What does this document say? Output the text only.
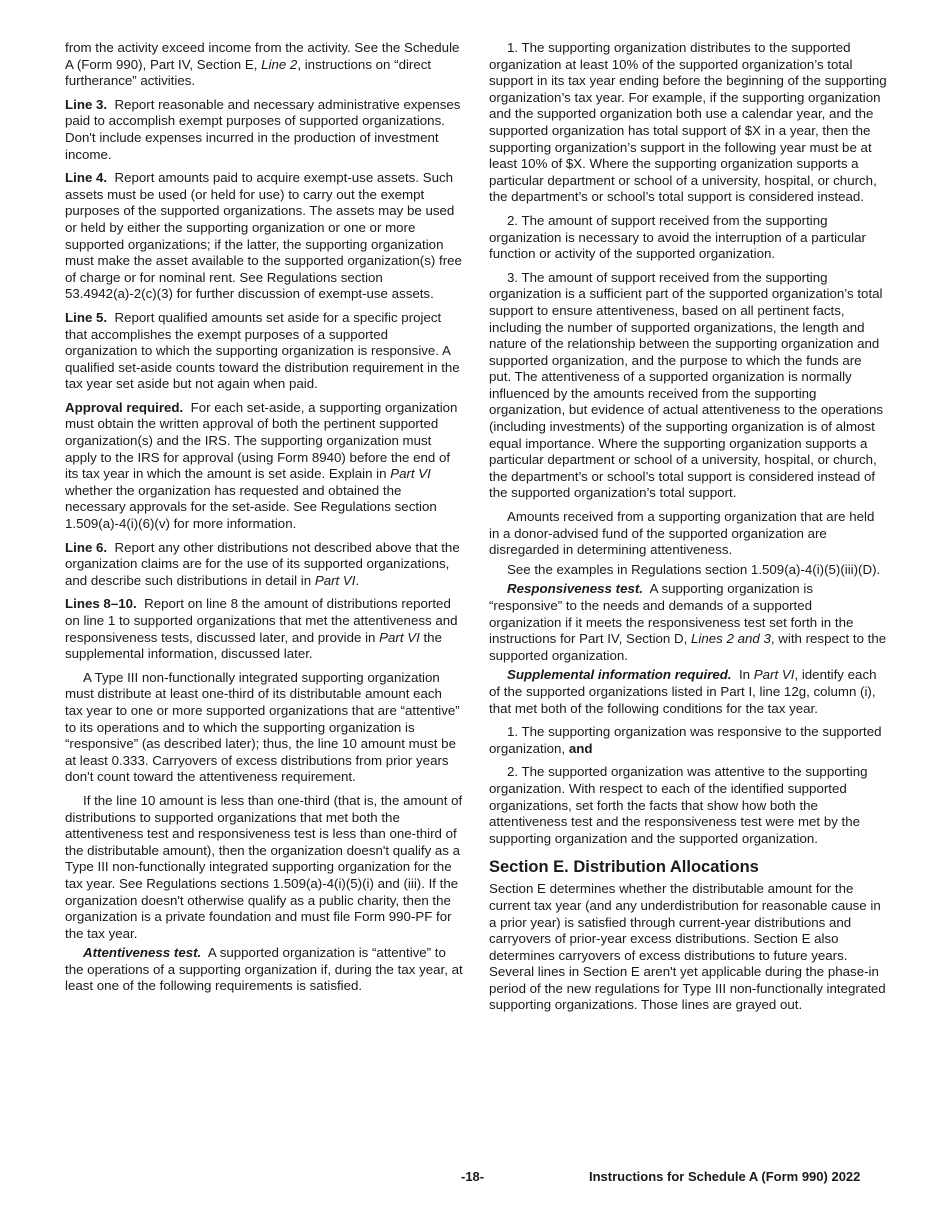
from the activity exceed income from the activity. See the Schedule A (Form 990), Part IV, Section E, Line 2, instructions on “direct furtherance” activities.

Line 3. Report reasonable and necessary administrative expenses paid to accomplish exempt purposes of supported organizations. Don't include expenses incurred in the production of investment income.

Line 4. Report amounts paid to acquire exempt-use assets. Such assets must be used (or held for use) to carry out the exempt purposes of the supported organizations. The assets may be used or held by either the supporting organization or one or more supported organizations; if the latter, the supporting organization must make the asset available to the supported organization(s) free of charge or for nominal rent. See Regulations section 53.4942(a)-2(c)(3) for further discussion of exempt-use assets.

Line 5. Report qualified amounts set aside for a specific project that accomplishes the exempt purposes of a supported organization to which the supporting organization is responsive. A qualified set-aside counts toward the distribution requirement in the tax year set aside but not again when paid.

Approval required. For each set-aside, a supporting organization must obtain the written approval of both the pertinent supported organization(s) and the IRS. The supporting organization must apply to the IRS for approval (using Form 8940) before the end of its tax year in which the amount is set aside. Explain in Part VI whether the organization has requested and obtained the necessary approvals for the set-aside. See Regulations section 1.509(a)-4(i)(6)(v) for more information.

Line 6. Report any other distributions not described above that the organization claims are for the use of its supported organizations, and describe such distributions in detail in Part VI.

Lines 8–10. Report on line 8 the amount of distributions reported on line 1 to supported organizations that met the attentiveness and responsiveness tests, discussed later, and provide in Part VI the supplemental information, discussed later.

A Type III non-functionally integrated supporting organization must distribute at least one-third of its distributable amount each tax year to one or more supported organizations that are “attentive” to its operations and to which the supporting organization is “responsive” (as described later); thus, the line 10 amount must be at least 0.333. Carryovers of excess distributions from prior years don't count toward the attentiveness requirement.

If the line 10 amount is less than one-third (that is, the amount of distributions to supported organizations that met both the attentiveness test and responsiveness test is less than one-third of the distributable amount), then the organization doesn't qualify as a Type III non-functionally integrated supporting organization for the tax year. See Regulations sections 1.509(a)-4(i)(5)(i) and (iii). If the organization doesn't otherwise qualify as a public charity, then the organization is a private foundation and must file Form 990-PF for the tax year.

Attentiveness test. A supported organization is “attentive” to the operations of a supporting organization if, during the tax year, at least one of the following requirements is satisfied.

1. The supporting organization distributes to the supported organization at least 10% of the supported organization’s total support in its tax year ending before the beginning of the supporting organization’s tax year. For example, if the supporting organization and the supported organization both use a calendar year, and the supported organization has total support of $X in a year, then the supporting organization’s support in the following year must be at least 10% of $X. Where the supporting organization supports a particular department or school of a university, hospital, or church, the department’s or school’s total support is considered instead.

2. The amount of support received from the supporting organization is necessary to avoid the interruption of a particular function or activity of the supported organization.

3. The amount of support received from the supporting organization is a sufficient part of the supported organization’s total support to ensure attentiveness, based on all pertinent facts, including the number of supported organizations, the length and nature of the relationship between the supporting organization and supported organization, and the purpose to which the funds are put. The attentiveness of a supported organization is normally influenced by the amounts received from the supporting organization, but evidence of actual attentiveness to the operations (including investments) of the supporting organization is of almost equal importance. Where the supporting organization supports a particular department or school of a university, hospital, or church, the department’s or school’s total support is considered instead of the supported organization’s total support.

Amounts received from a supporting organization that are held in a donor-advised fund of the supported organization are disregarded in determining attentiveness.

See the examples in Regulations section 1.509(a)-4(i)(5)(iii)(D).

Responsiveness test. A supporting organization is “responsive” to the needs and demands of a supported organization if it meets the responsiveness test set forth in the instructions for Part IV, Section D, Lines 2 and 3, with respect to the supported organization.

Supplemental information required. In Part VI, identify each of the supported organizations listed in Part I, line 12g, column (i), that met both of the following conditions for the tax year.

1. The supporting organization was responsive to the supported organization, and

2. The supported organization was attentive to the supporting organization. With respect to each of the identified supported organizations, set forth the facts that show how both the attentiveness test and the responsiveness test were met by the supporting organization and the supported organization.

Section E. Distribution Allocations

Section E determines whether the distributable amount for the current tax year (and any underdistribution for reasonable cause in a prior year) is satisfied through current-year distributions and carryovers of prior-year excess distributions. Section E also determines carryovers of excess distributions to future years. Several lines in Section E aren't yet applicable during the phase-in period of the new regulations for Type III non-functionally integrated supporting organizations. Those lines are grayed out.

-18-	Instructions for Schedule A (Form 990) 2022
